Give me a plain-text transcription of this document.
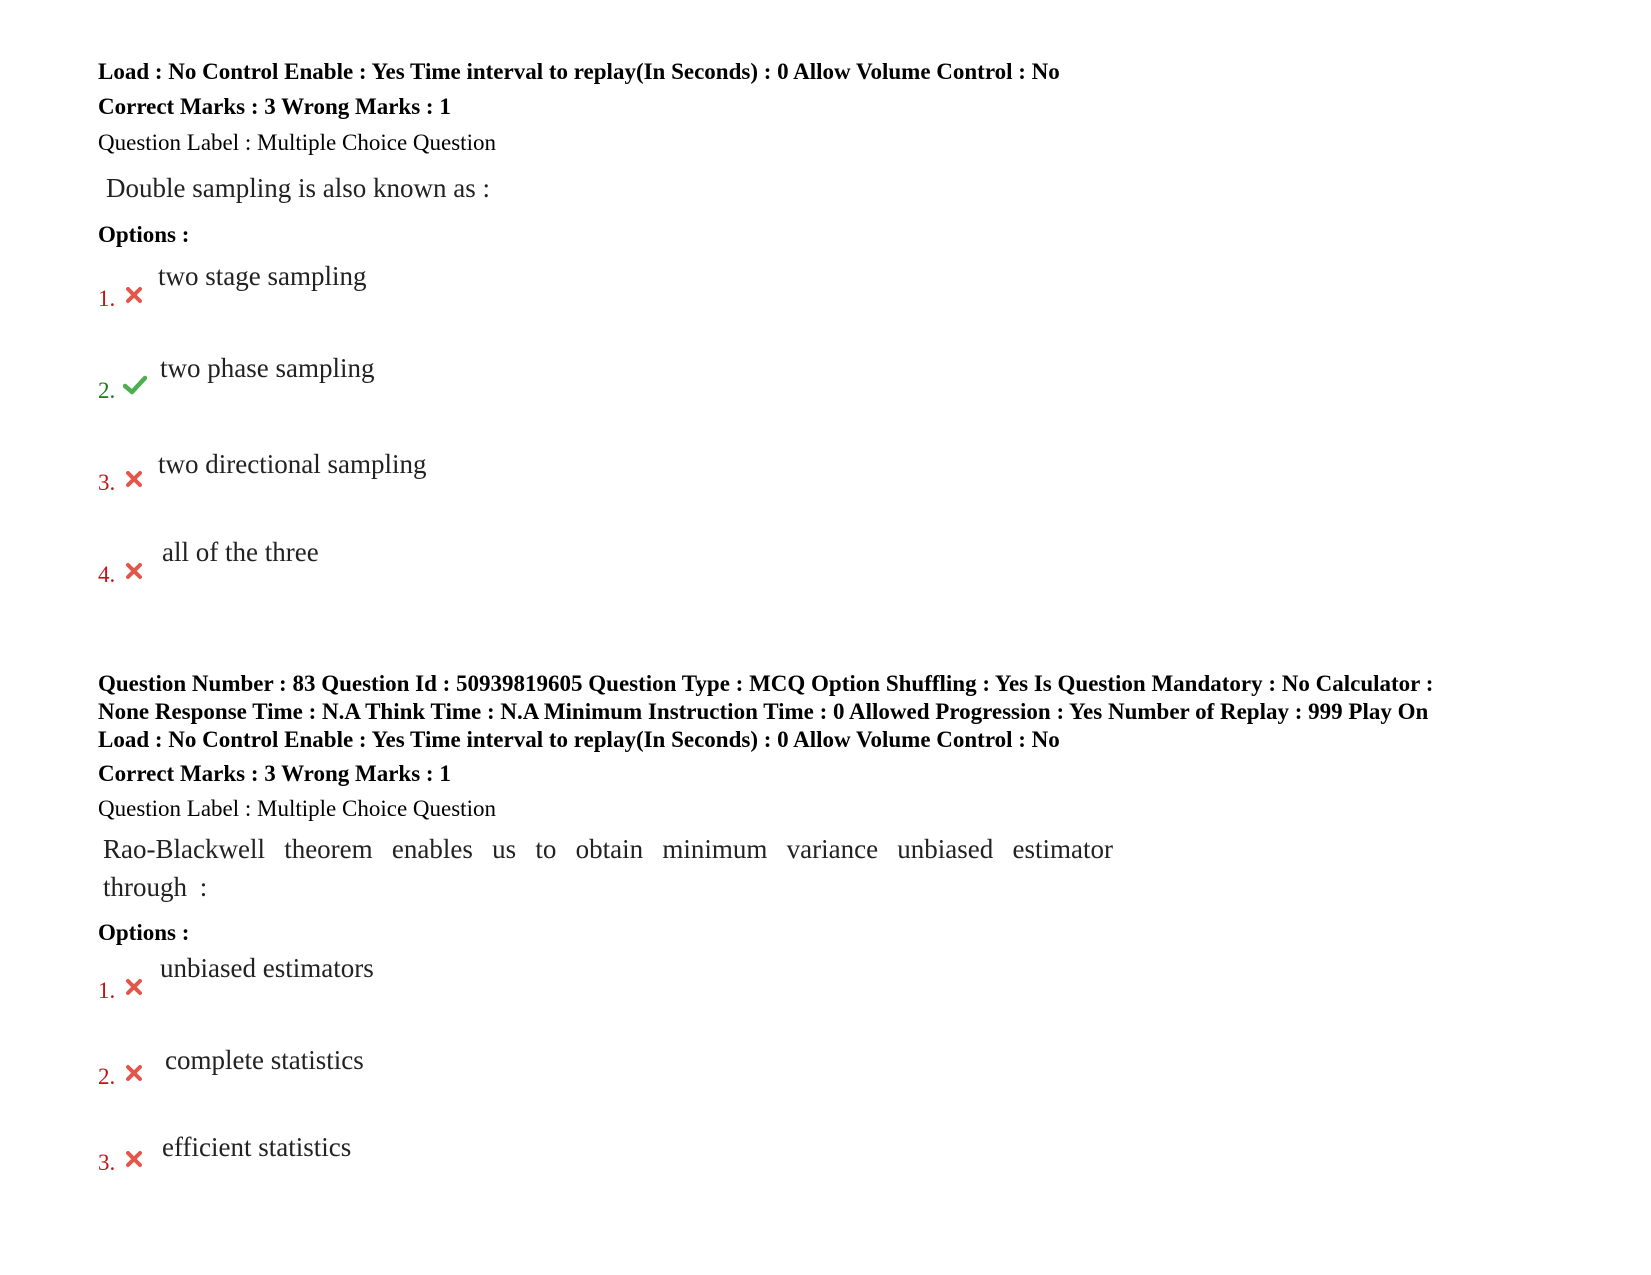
Load : No Control Enable : Yes Time interval to replay(In Seconds) : 0 Allow Volume Control : No
Correct Marks : 3 Wrong Marks : 1
Question Label : Multiple Choice Question
Double sampling is also known as :
Options :
1.
two stage sampling
2.
two phase sampling
3.
two directional sampling
4.
all of the three
Question Number : 83 Question Id : 50939819605 Question Type : MCQ Option Shuffling : Yes Is Question Mandatory : No Calculator :
None Response Time : N.A Think Time : N.A Minimum Instruction Time : 0 Allowed Progression : Yes Number of Replay : 999 Play On
Load : No Control Enable : Yes Time interval to replay(In Seconds) : 0 Allow Volume Control : No
Correct Marks : 3 Wrong Marks : 1
Question Label : Multiple Choice Question
Rao-Blackwell theorem enables us to obtain minimum variance unbiased estimator through :
Options :
1.
unbiased estimators
2.
complete statistics
3.
efficient statistics
